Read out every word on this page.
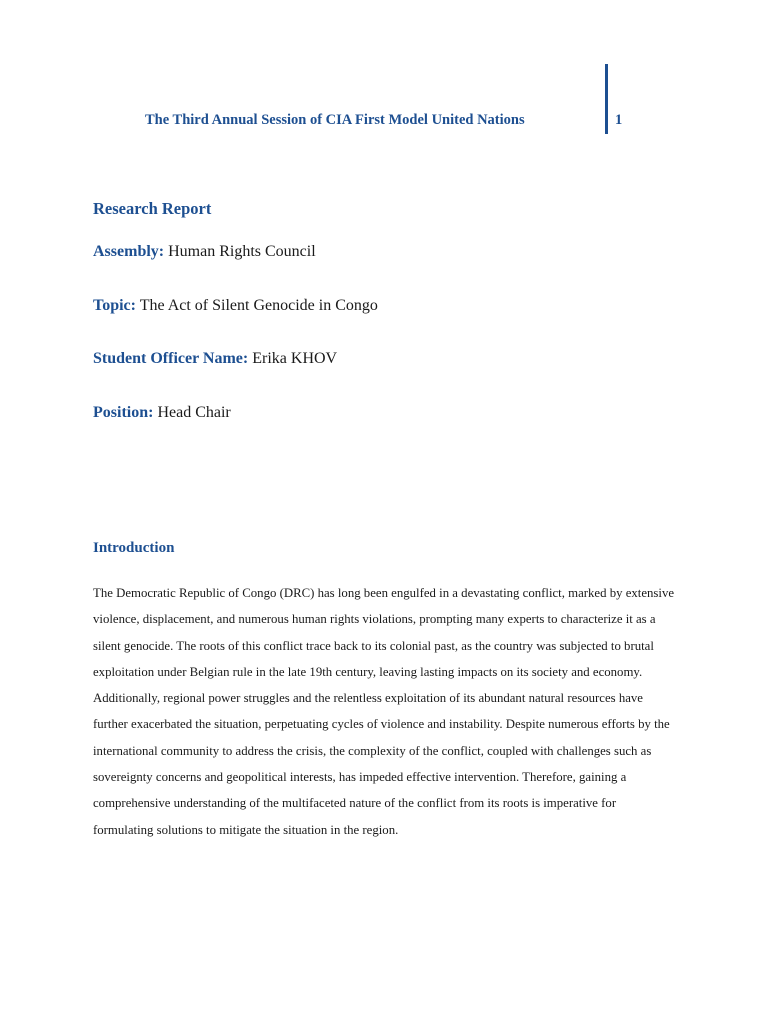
The Third Annual Session of CIA First Model United Nations	1
Research Report
Assembly: Human Rights Council
Topic: The Act of Silent Genocide in Congo
Student Officer Name: Erika KHOV
Position: Head Chair
Introduction

The Democratic Republic of Congo (DRC) has long been engulfed in a devastating conflict, marked by extensive violence, displacement, and numerous human rights violations, prompting many experts to characterize it as a silent genocide. The roots of this conflict trace back to its colonial past, as the country was subjected to brutal exploitation under Belgian rule in the late 19th century, leaving lasting impacts on its society and economy. Additionally, regional power struggles and the relentless exploitation of its abundant natural resources have further exacerbated the situation, perpetuating cycles of violence and instability. Despite numerous efforts by the international community to address the crisis, the complexity of the conflict, coupled with challenges such as sovereignty concerns and geopolitical interests, has impeded effective intervention. Therefore, gaining a comprehensive understanding of the multifaceted nature of the conflict from its roots is imperative for formulating solutions to mitigate the situation in the region.
